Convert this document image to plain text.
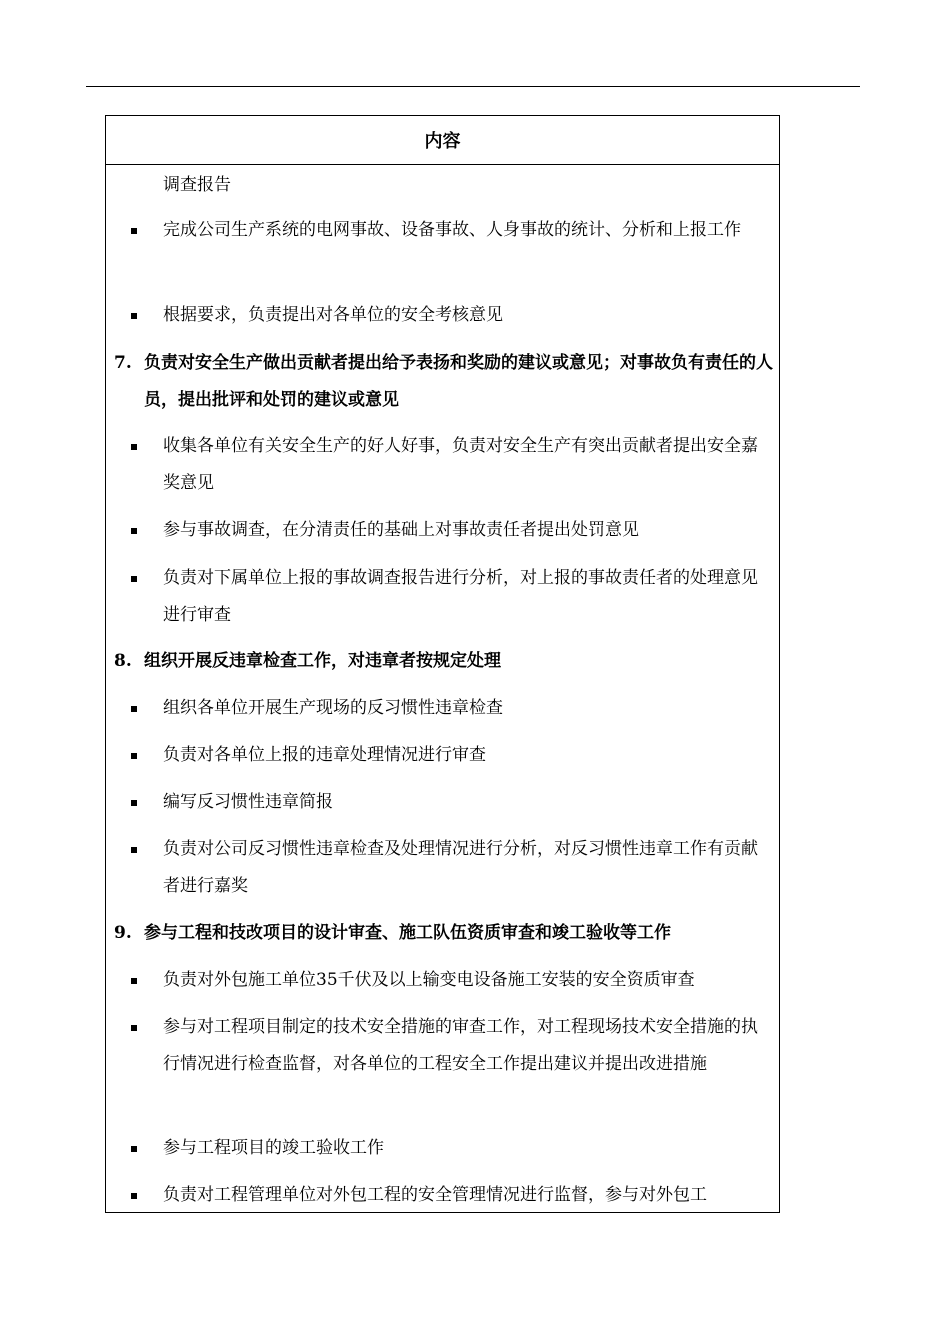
内容
调查报告
完成公司生产系统的电网事故、设备事故、人身事故的统计、分析和上报工作
根据要求，负责提出对各单位的安全考核意见
7. 负责对安全生产做出贡献者提出给予表扬和奖励的建议或意见；对事故负有责任的人员，提出批评和处罚的建议或意见
收集各单位有关安全生产的好人好事，负责对安全生产有突出贡献者提出安全嘉奖意见
参与事故调查，在分清责任的基础上对事故责任者提出处罚意见
负责对下属单位上报的事故调查报告进行分析，对上报的事故责任者的处理意见进行审查
8. 组织开展反违章检查工作，对违章者按规定处理
组织各单位开展生产现场的反习惯性违章检查
负责对各单位上报的违章处理情况进行审查
编写反习惯性违章简报
负责对公司反习惯性违章检查及处理情况进行分析，对反习惯性违章工作有贡献者进行嘉奖
9. 参与工程和技改项目的设计审查、施工队伍资质审查和竣工验收等工作
负责对外包施工单位35千伏及以上输变电设备施工安装的安全资质审查
参与对工程项目制定的技术安全措施的审查工作，对工程现场技术安全措施的执行情况进行检查监督，对各单位的工程安全工作提出建议并提出改进措施
参与工程项目的竣工验收工作
负责对工程管理单位对外包工程的安全管理情况进行监督，参与对外包工
